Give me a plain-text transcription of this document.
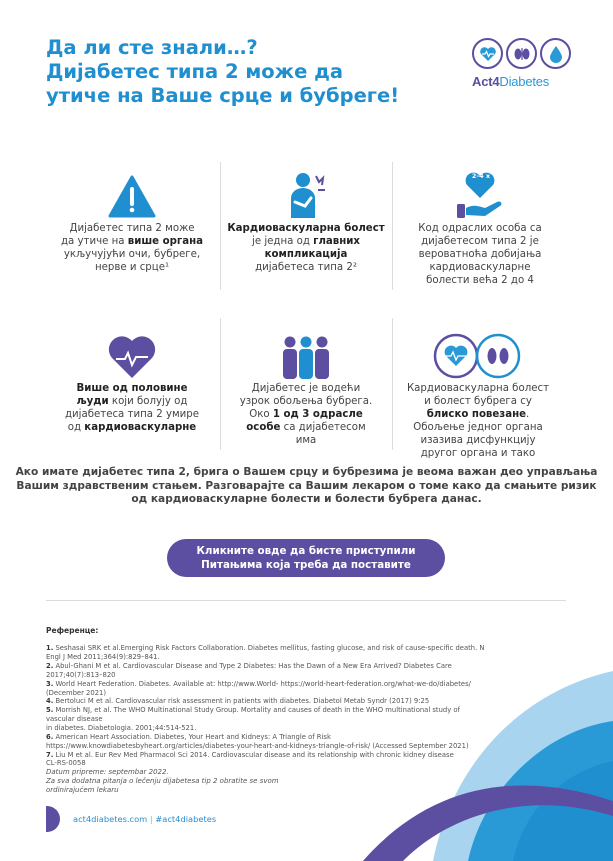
Да ли сте знали…?
Дијабетес типа 2 може да
утиче на Ваше срце и бубреге!
Act4Diabetes
Дијабетес типа 2 може
да утиче на више органа
укључујући очи, бубреге,
нерве и срце¹
Кардиоваскуларна болест
је једна од главних
компликација
дијабетеса типа 2²
2-4 x
Код одраслих особа са
дијабетесом типа 2 је
вероватноћа добијања
кардиоваскуларне
болести већа 2 до 4
Више од половине
људи који болују од
дијабетеса типа 2 умире
од кардиоваскуларне
Дијабетес је водећи
узрок обољења бубрега.
Око 1 од 3 одрасле
особе са дијабетесом
има
Кардиоваскуларна болест
и болест бубрега су
блиско повезане.
Обољење једног органа
изазива дисфункцију
другог органа и тако
Ако имате дијабетес типа 2, брига о Вашем срцу и бубрезима је веома важан део управљања
Вашим здравственим стањем. Разговарајте са Вашим лекаром о томе како да смањите ризик
од кардиоваскуларне болести и болести бубрега данас.
Кликните овде да бисте приступили
Питањима која треба да поставите
Референце:
1. Seshasai SRK et al.Emerging Risk Factors Collaboration. Diabetes mellitus, fasting glucose, and risk of cause-specific death. N
Engl J Med 2011;364(9):829–841.
2. Abul-Ghani M et al. Cardiovascular Disease and Type 2 Diabetes: Has the Dawn of a New Era Arrived? Diabetes Care
2017;40(7):813–820
3. World Heart Federation. Diabetes. Available at: http://www.World- https://world-heart-federation.org/what-we-do/diabetes/
(December 2021)
4. Bertoluci M et al. Cardiovascular risk assessment in patients with diabetes. Diabetol Metab Syndr (2017) 9:25
5. Morrish NJ, et al. The WHO Multinational Study Group. Mortality and causes of death in the WHO multinational study of
vascular disease
in diabetes. Diabetologia. 2001;44:514-521.
6. American Heart Association. Diabetes, Your Heart and Kidneys: A Triangle of Risk
https://www.knowdiabetesbyheart.org/articles/diabetes-your-heart-and-kidneys-triangle-of-risk/ (Accessed September 2021)
7. Liu M et al. Eur Rev Med Pharmacol Sci 2014. Cardiovascular disease and its relationship with chronic kidney disease
CL-RS-0058
Datum pripreme: septembar 2022.
Za sva dodatna pitanja o lečenju dijabetesa tip 2 obratite se svom
ordinirajućem lekaru
act4diabetes.com | #act4diabetes
